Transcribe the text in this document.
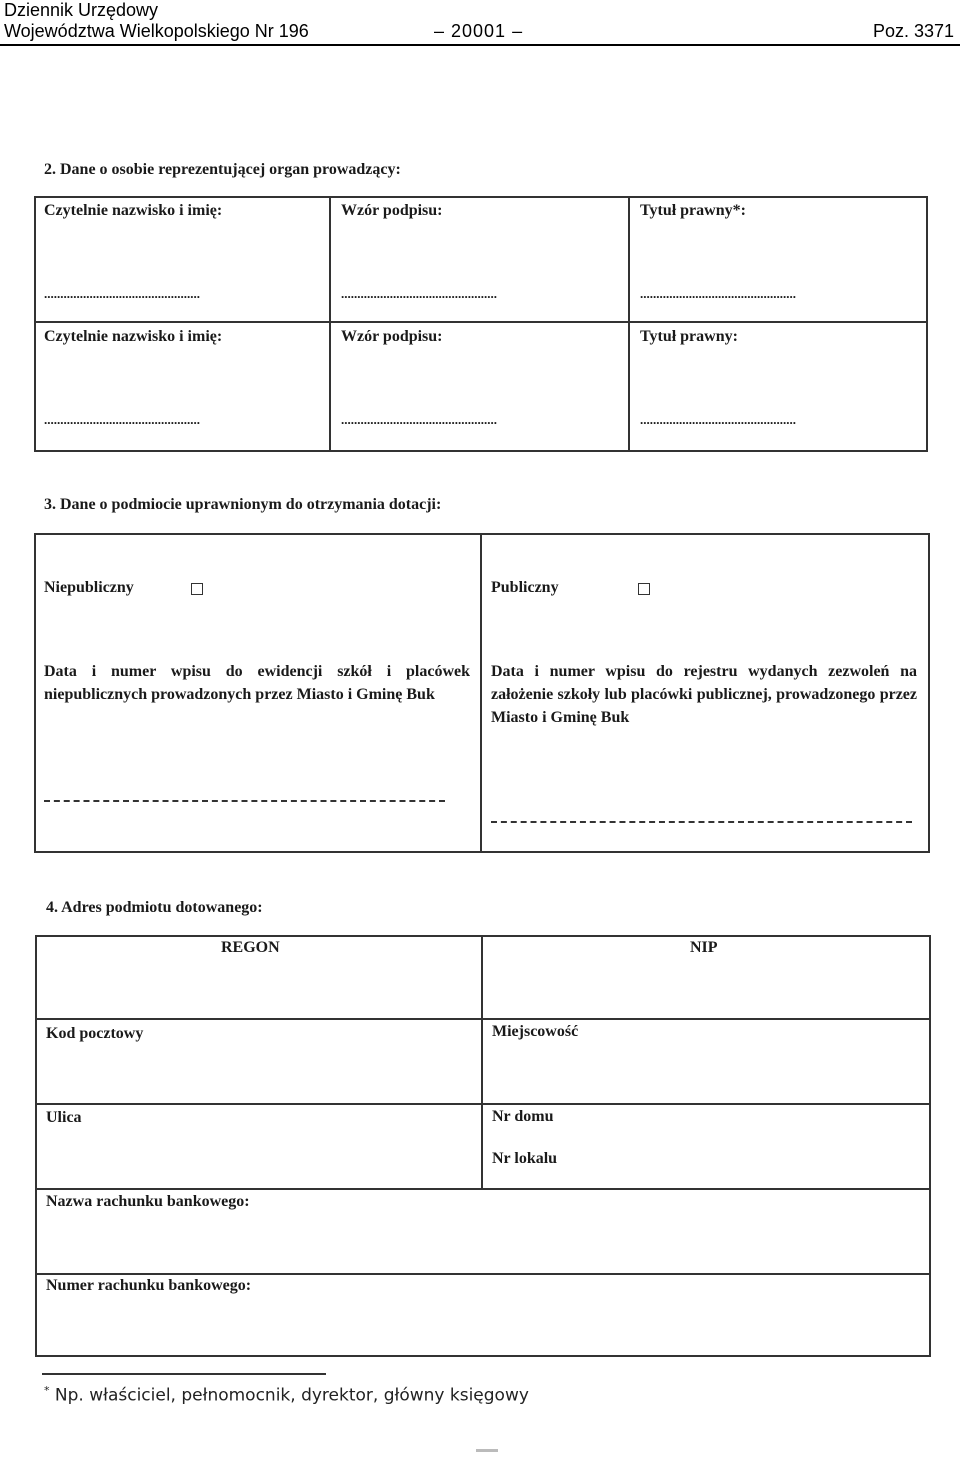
Dziennik Urzędowy
Województwa Wielkopolskiego Nr 196	– 20001 –	Poz. 3371
2. Dane o osobie reprezentującej organ prowadzący:
Czytelnie nazwisko i imię:	Wzór podpisu:	Tytuł prawny*:
................................................	................................................	................................................
Czytelnie nazwisko i imię:	Wzór podpisu:	Tytuł prawny:
................................................	................................................	................................................
3. Dane o podmiocie uprawnionym do otrzymania dotacji:
Niepubliczny	Publiczny
Data i numer wpisu do ewidencji szkół i placówek niepublicznych prowadzonych przez Miasto i Gminę Buk
Data i numer wpisu do rejestru wydanych zezwoleń na założenie szkoły lub placówki publicznej, prowadzonego przez Miasto i Gminę Buk
4. Adres podmiotu dotowanego:
REGON	NIP
Kod pocztowy	Miejscowość
Ulica	Nr domu
Nr lokalu
Nazwa rachunku bankowego:
Numer rachunku bankowego:
* Np. właściciel, pełnomocnik, dyrektor, główny księgowy
